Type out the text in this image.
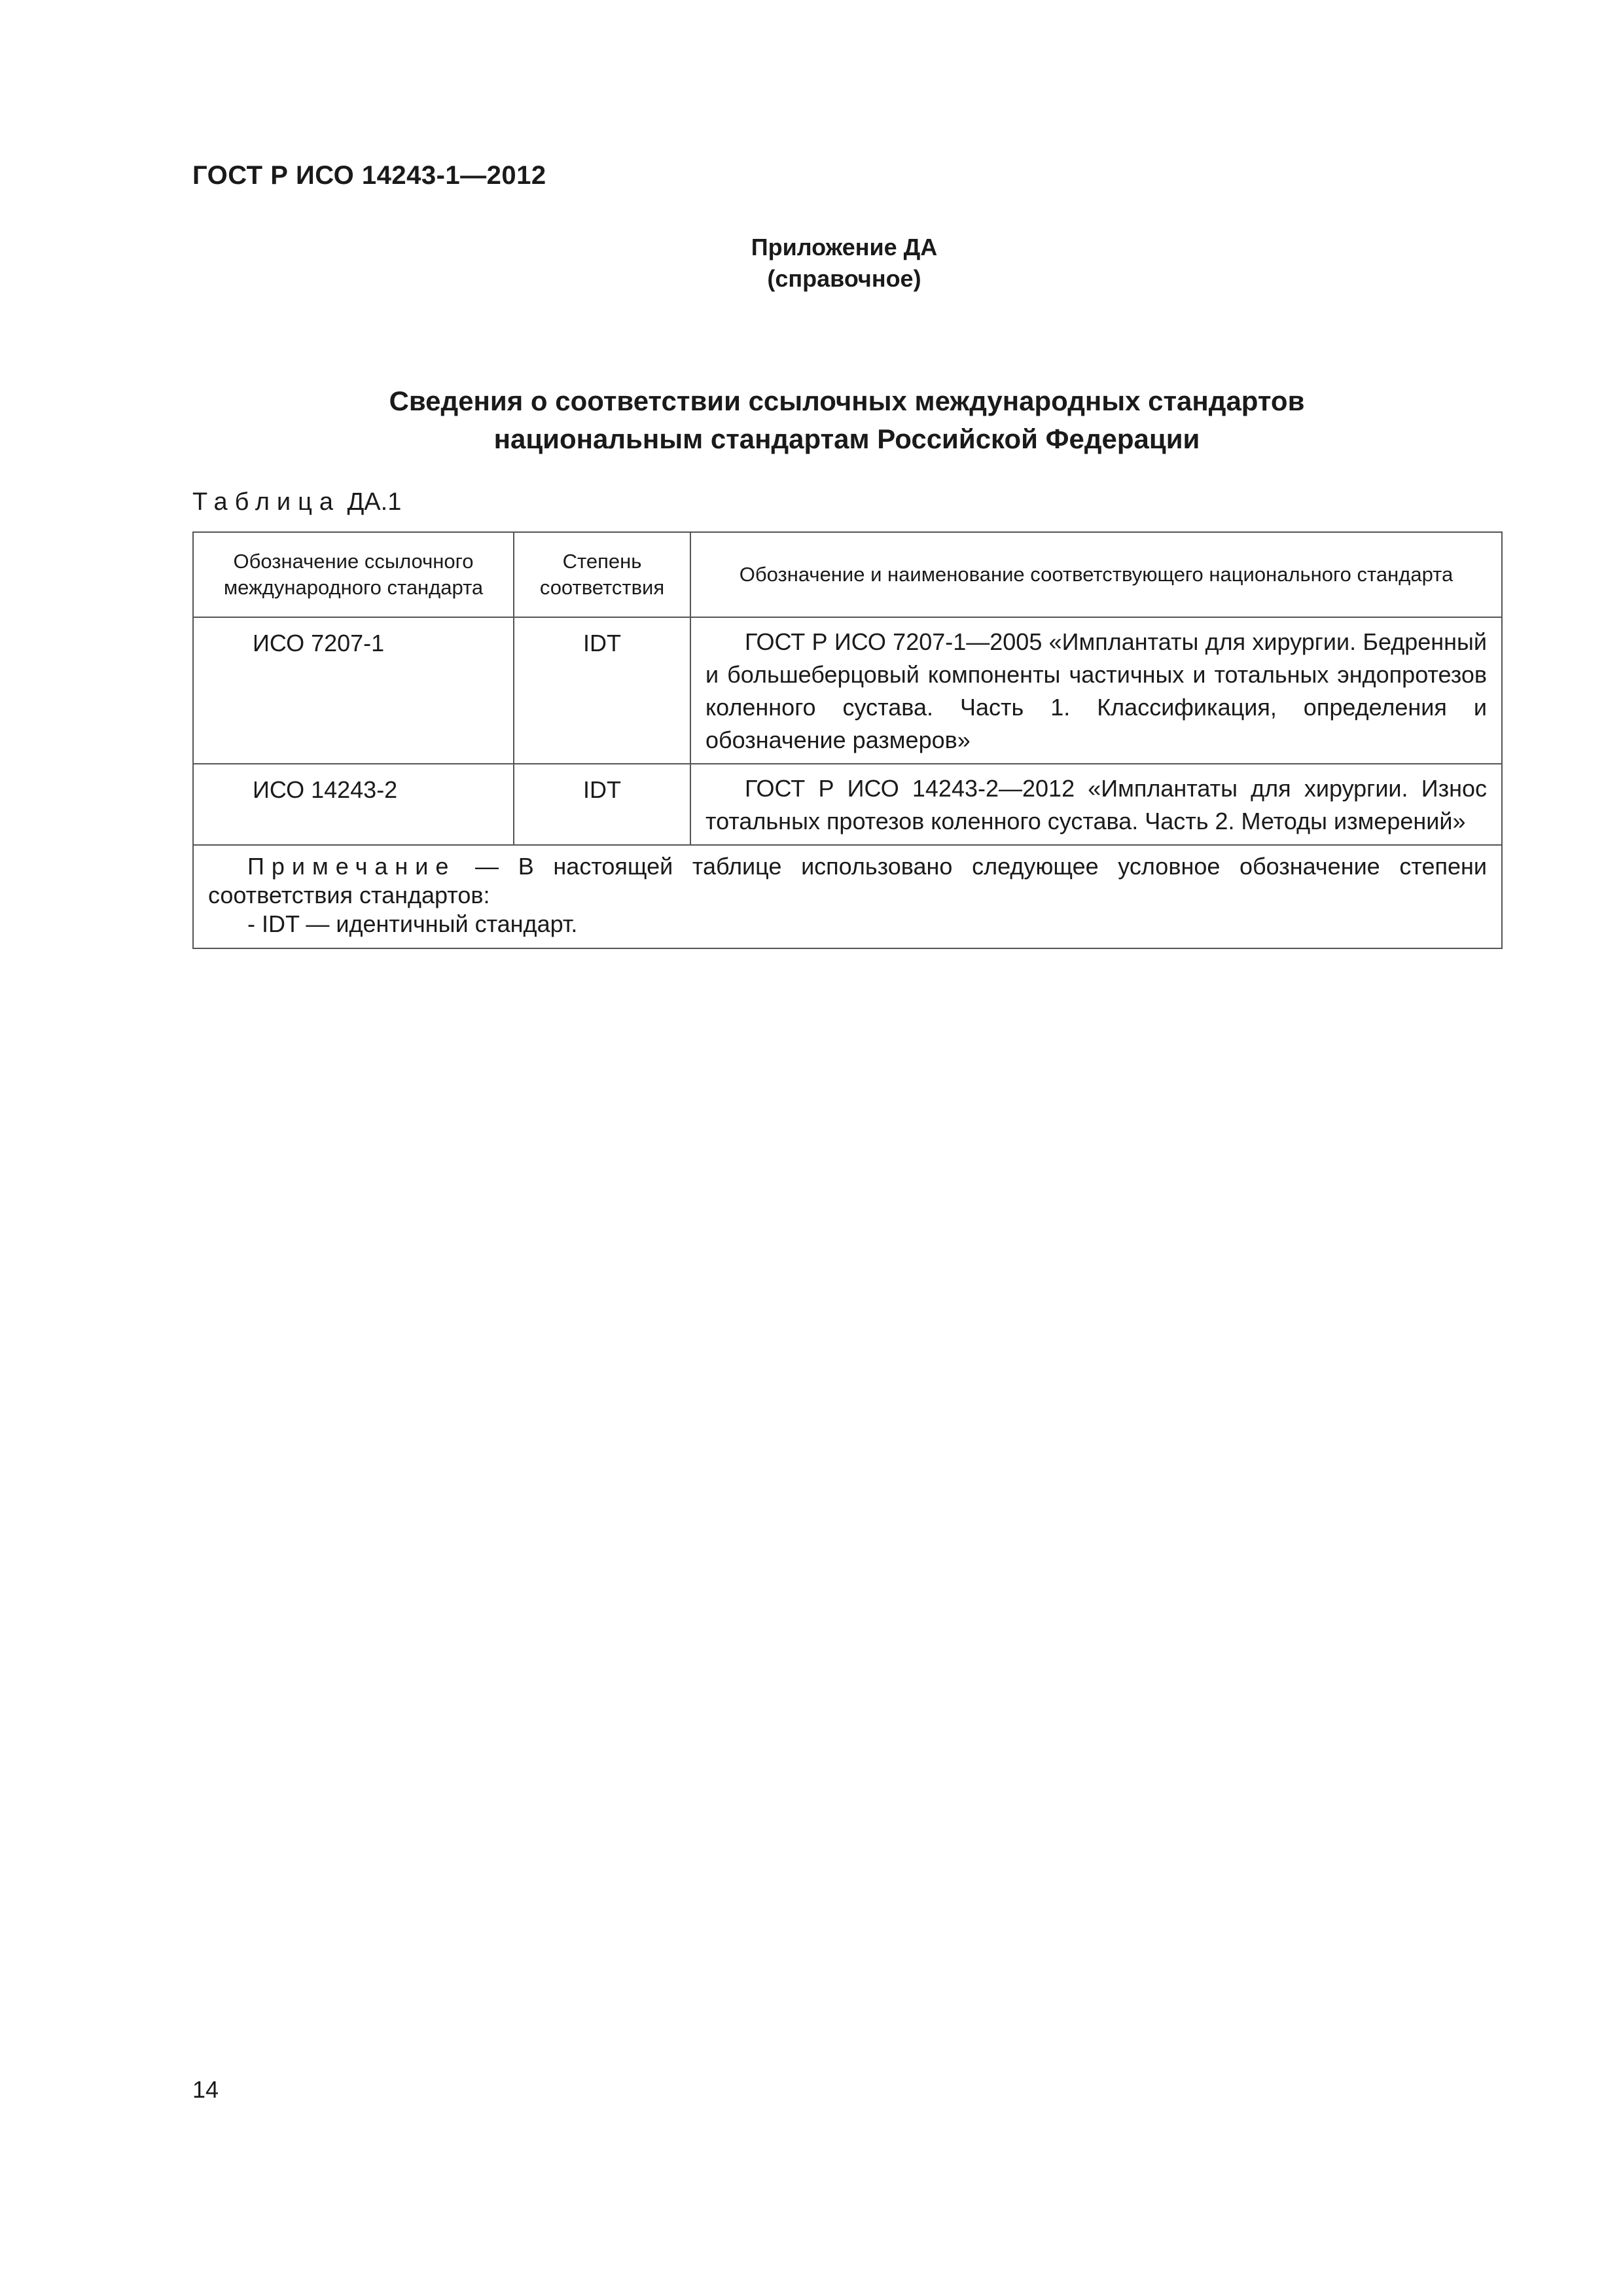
ГОСТ Р ИСО 14243-1—2012
Приложение ДА
(справочное)
Сведения о соответствии ссылочных международных стандартов
национальным стандартам Российской Федерации
Таблица ДА.1
Обозначение ссылочного международного стандарта	Степень соответствия	Обозначение и наименование соответствующего национального стандарта
ИСО 7207-1	IDT	ГОСТ Р ИСО 7207-1—2005 «Имплантаты для хирургии. Бедренный и большеберцовый компоненты частичных и тотальных эндопротезов коленного сустава. Часть 1. Классификация, определения и обозначение размеров»
ИСО 14243-2	IDT	ГОСТ Р ИСО 14243-2—2012 «Имплантаты для хирургии. Износ тотальных протезов коленного сустава. Часть 2. Методы измерений»
Примечание — В настоящей таблице использовано следующее условное обозначение степени соответствия стандартов:
- IDT — идентичный стандарт.		
14
